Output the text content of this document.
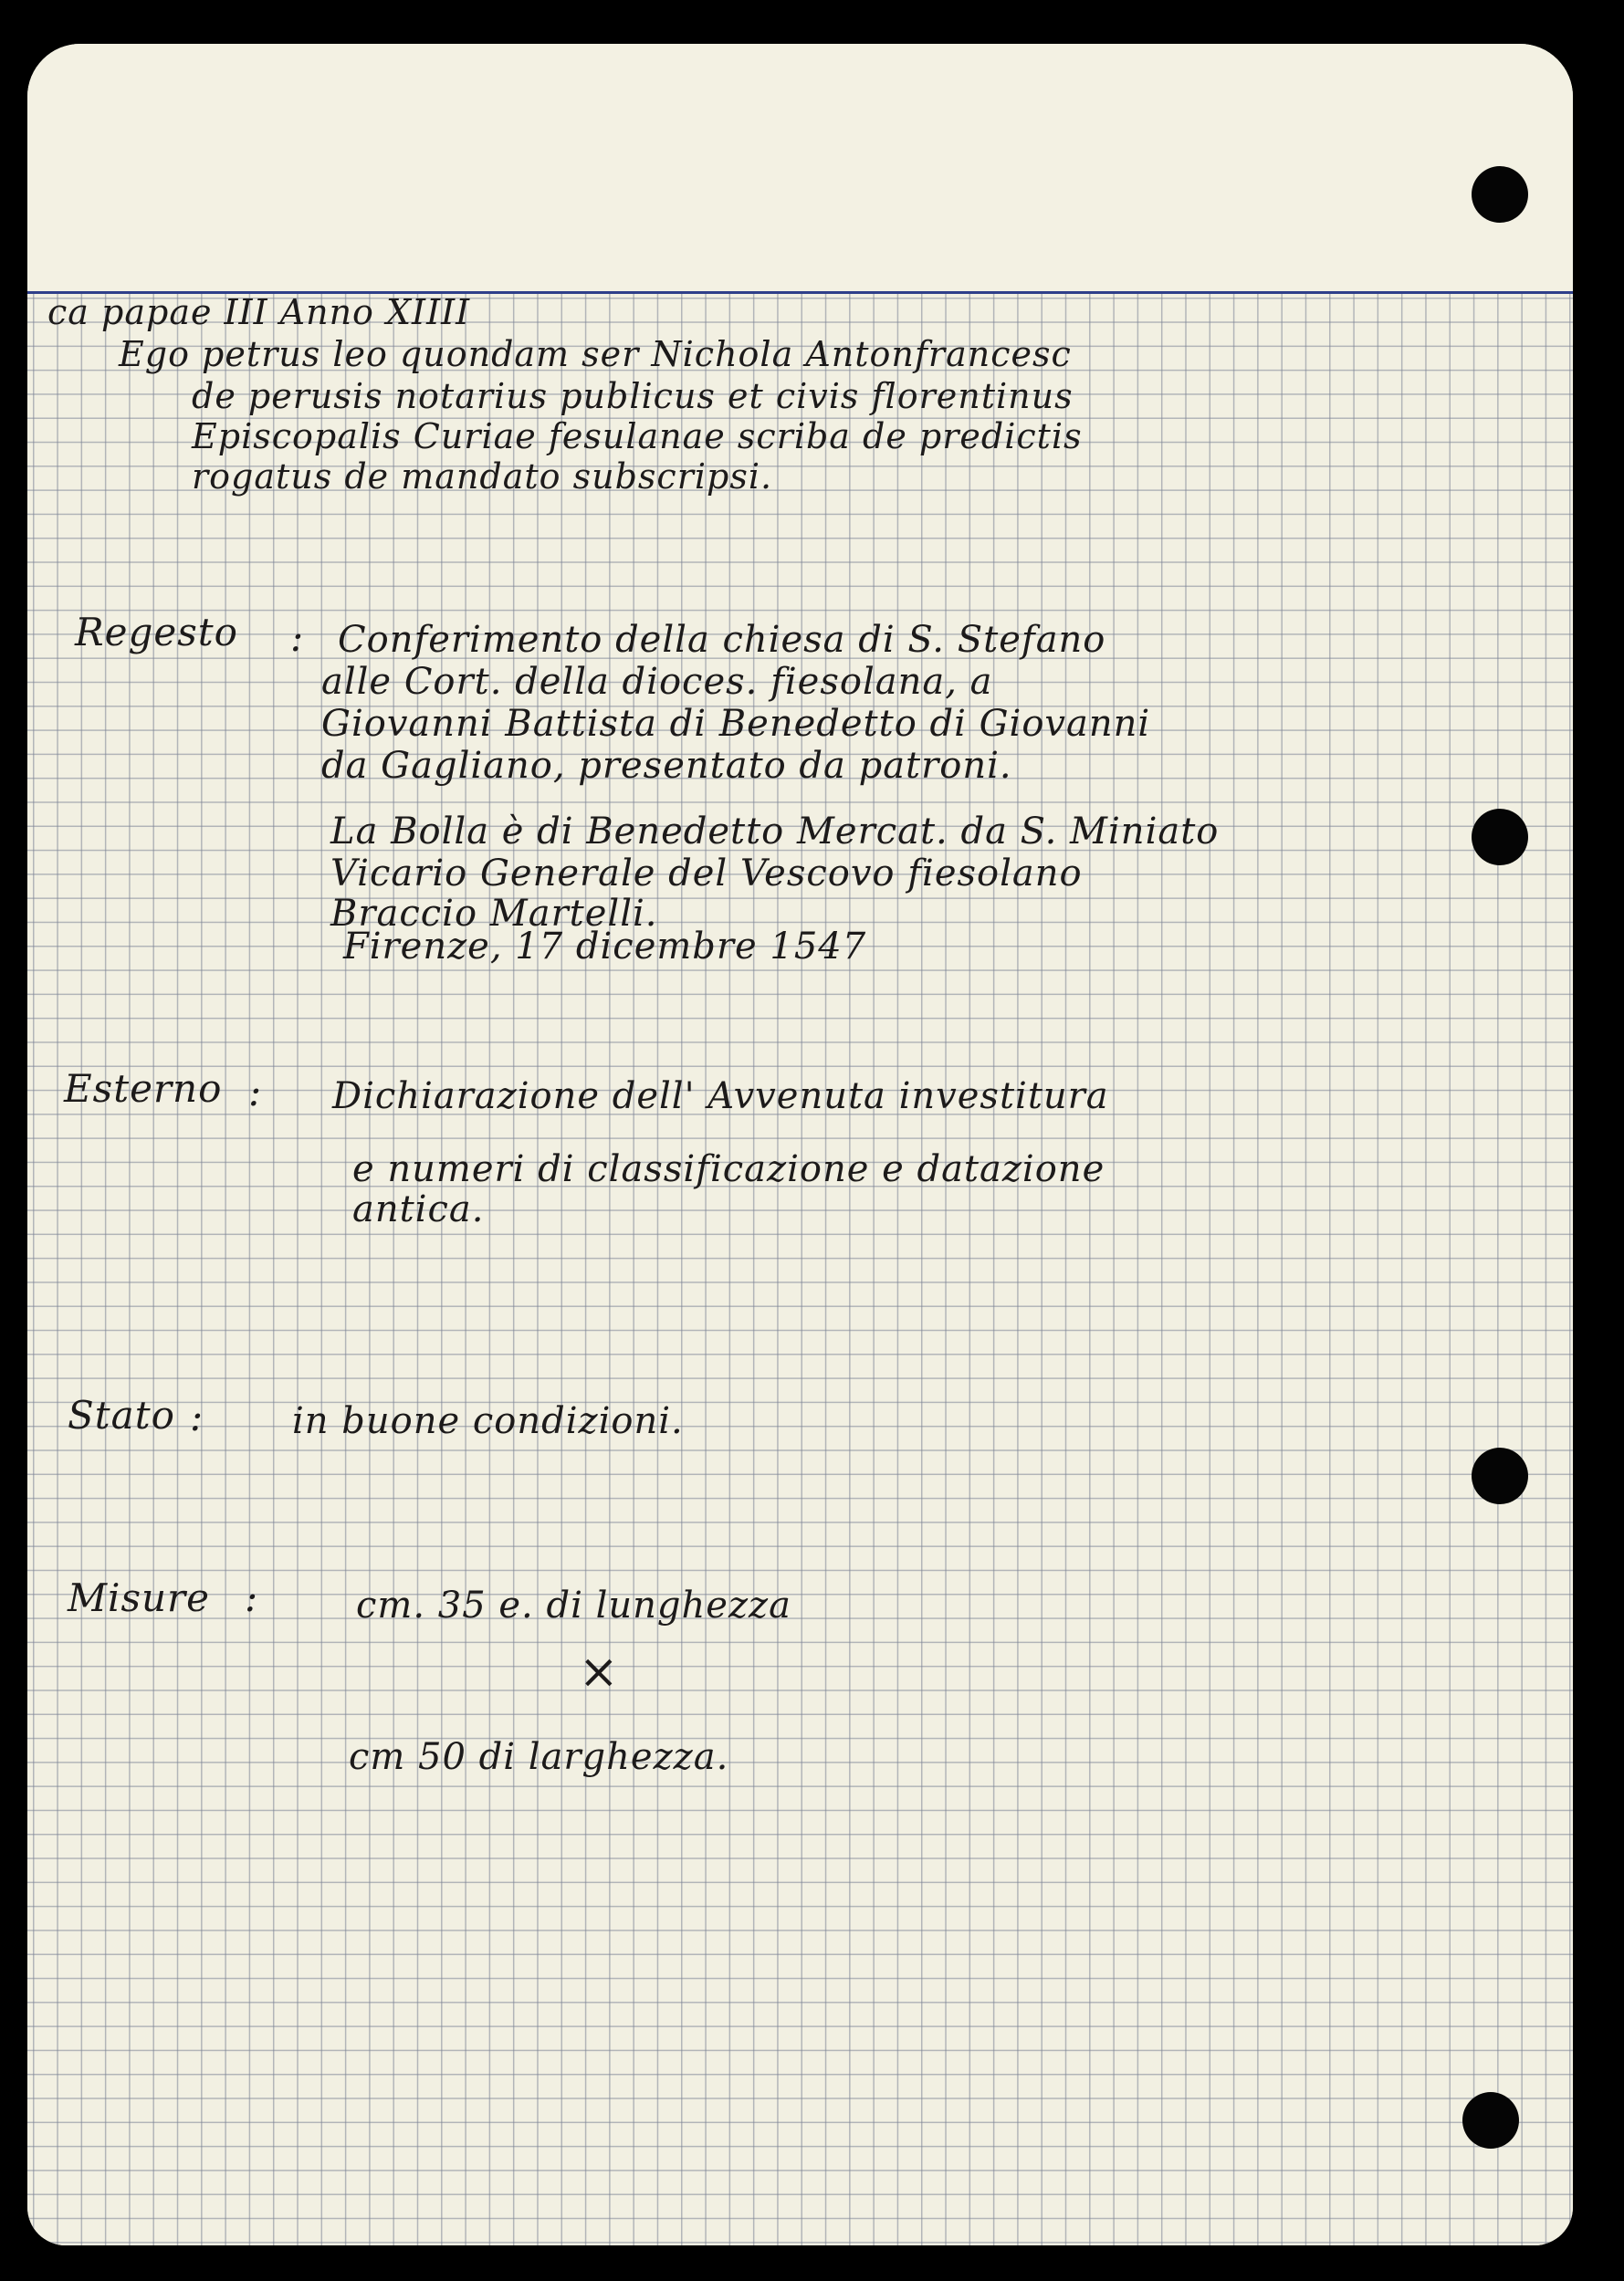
ca papae III Anno XIIII
Ego petrus leo quondam ser Nichola Antonfrancesc
de perusis notarius publicus et civis florentinus
Episcopalis Curiae fesulanae scriba de predictis
rogatus de mandato subscripsi.
Regesto : Conferimento della chiesa di S. Stefano
alle Cort. della dioces. fiesolana, a
Giovanni Battista di Benedetto di Giovanni
da Gagliano, presentato da patroni.
La Bolla è di Benedetto Mercat. da S. Miniato
Vicario Generale del Vescovo fiesolano
Braccio Martelli.
Firenze, 17 dicembre 1547
Esterno : Dichiarazione dell' Avvenuta investitura
e numeri di classificazione e datazione
antica.
Stato : in buone condizioni.
Misure :	cm. 35 e. di lunghezza
×
cm 50 di larghezza.
